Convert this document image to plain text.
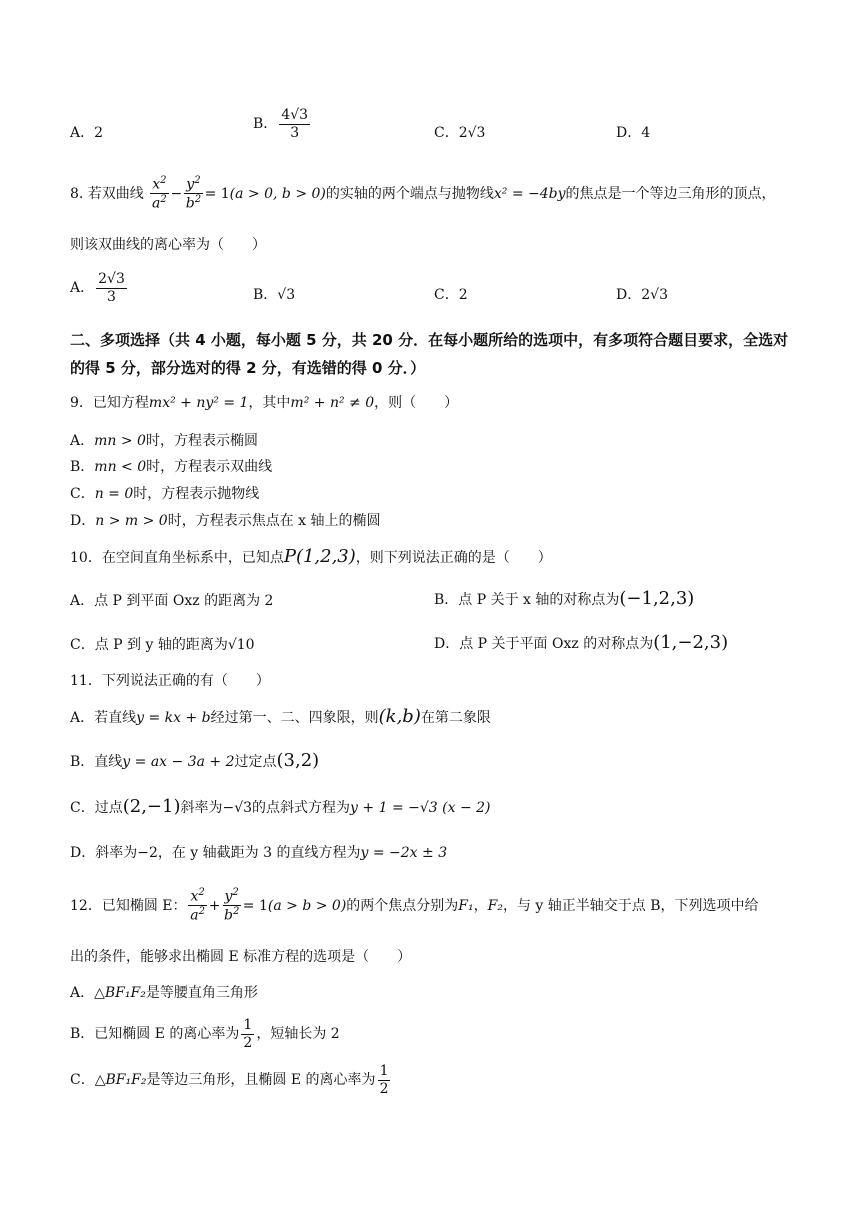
A．2
B． $\frac{4√3}{3}$	C．2√3	D．4
8. 若双曲线 $\frac{x^2}{a^2} - \frac{y^2}{b^2} = 1(a > 0$, b > 0)的实轴的两个端点与抛物线x² = −4by的焦点是一个等边三角形的顶点，
则该双曲线的离心率为（　　）
A． $\frac{2√3}{3}$	B．√3	C．2	D．2√3
二、多项选择（共 4 小题，每小题 5 分，共 20 分．在每小题所给的选项中，有多项符合题目要求，全选对的得 5 分，部分选对的得 2 分，有选错的得 0 分．）
9．已知方程mx² + ny² = 1，其中m² + n² ≠ 0，则（　　）
A．mn > 0时，方程表示椭圆
B．mn < 0时，方程表示双曲线
C．n = 0时，方程表示抛物线
D．n > m > 0时，方程表示焦点在 x 轴上的椭圆
10．在空间直角坐标系中，已知点P(1,2,3)，则下列说法正确的是（　　）
A．点 P 到平面 Oxz 的距离为 2	B．点 P 关于 x 轴的对称点为(−1,2,3)
C．点 P 到 y 轴的距离为√10	D．点 P 关于平面 Oxz 的对称点为(1,−2,3)
11．下列说法正确的有（　　）
A．若直线y = kx + b经过第一、二、四象限，则(k,b)在第二象限
B．直线y = ax − 3a + 2过定点(3,2)
C．过点(2,−1)斜率为−√3的点斜式方程为y + 1 = −√3 (x − 2)
D．斜率为−2，在 y 轴截距为 3 的直线方程为y = −2x ± 3
12．已知椭圆 E： $\frac{x^2}{a^2} + \frac{y^2}{b^2} = 1(a > b > 0)$的两个焦点分别为F₁，F₂，与 y 轴正半轴交于点 B，下列选项中给
出的条件，能够求出椭圆 E 标准方程的选项是（　　）
A．△BF₁F₂是等腰直角三角形
B．已知椭圆 E 的离心率为 $\frac{1}{2}$ ，短轴长为 2
C．△BF₁F₂是等边三角形，且椭圆 E 的离心率为 $\frac{1}{2}$
